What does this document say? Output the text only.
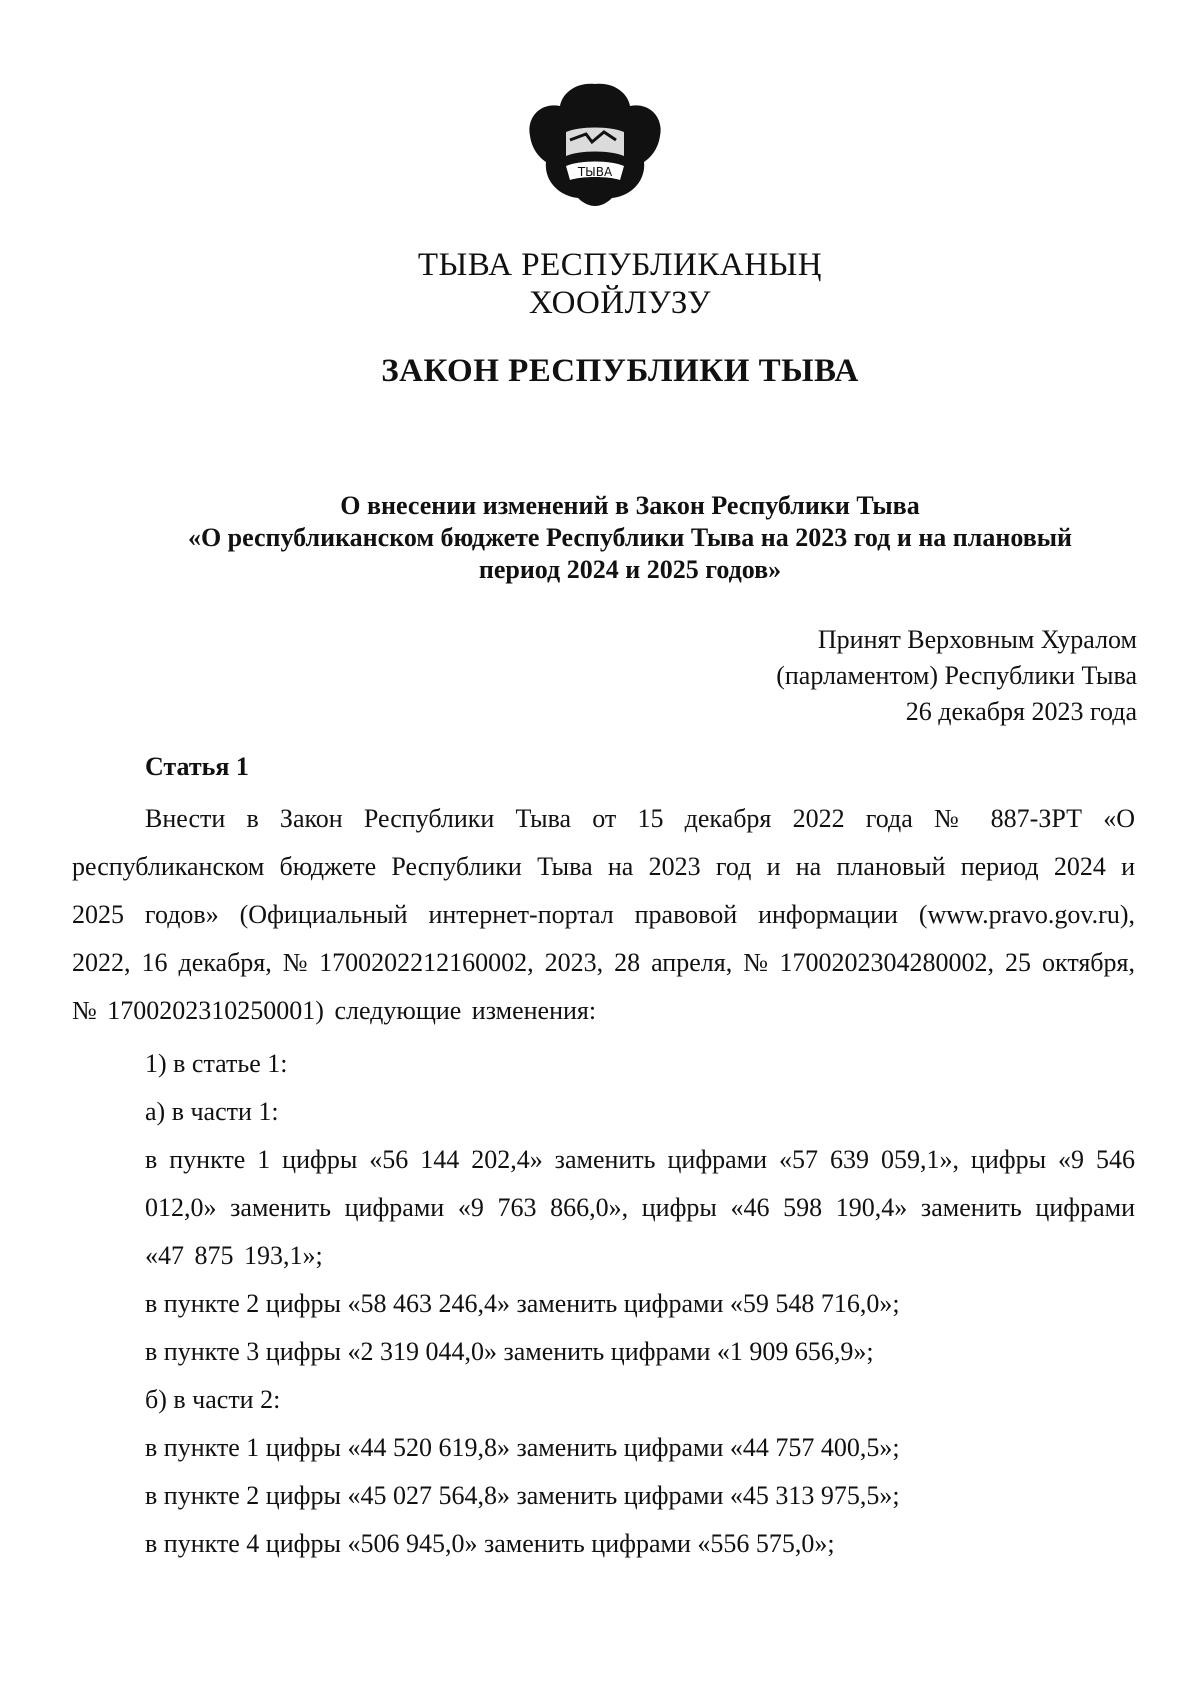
ТЫВА
ТЫВА РЕСПУБЛИКАНЫҢ
ХООЙЛУЗУ
ЗАКОН РЕСПУБЛИКИ ТЫВА
О внесении изменений в Закон Республики Тыва
«О республиканском бюджете Республики Тыва на 2023 год и на плановый
период 2024 и 2025 годов»
Принят Верховным Хуралом
(парламентом) Республики Тыва
26 декабря 2023 года
Статья 1
Внести в Закон Республики Тыва от 15 декабря 2022 года № 887-ЗРТ «О республиканском бюджете Республики Тыва на 2023 год и на плановый период 2024 и 2025 годов» (Официальный интернет-портал правовой информации (www.pravo.gov.ru), 2022, 16 декабря, № 1700202212160002, 2023, 28 апреля, № 1700202304280002, 25 октября, № 1700202310250001) следующие изменения:
1) в статье 1:
а) в части 1:
в пункте 1 цифры «56 144 202,4» заменить цифрами «57 639 059,1», цифры «9 546 012,0» заменить цифрами «9 763 866,0», цифры «46 598 190,4» заменить цифрами «47 875 193,1»;
в пункте 2 цифры «58 463 246,4» заменить цифрами «59 548 716,0»;
в пункте 3 цифры «2 319 044,0» заменить цифрами «1 909 656,9»;
б) в части 2:
в пункте 1 цифры «44 520 619,8» заменить цифрами «44 757 400,5»;
в пункте 2 цифры «45 027 564,8» заменить цифрами «45 313 975,5»;
в пункте 4 цифры «506 945,0» заменить цифрами «556 575,0»;
